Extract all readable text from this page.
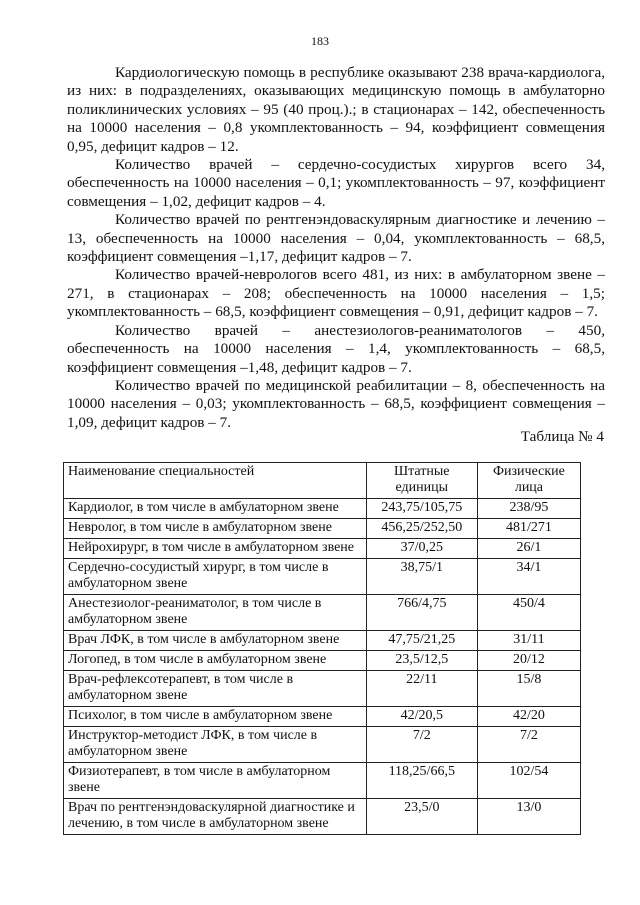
183

Кардиологическую помощь в республике оказывают 238 врача-кардиолога, из них: в подразделениях, оказывающих медицинскую помощь в амбулаторно поликлинических условиях – 95 (40 проц.).; в стационарах – 142, обеспеченность на 10000 населения – 0,8 укомплектованность – 94, коэффициент совмещения 0,95, дефицит кадров – 12.

Количество врачей – сердечно-сосудистых хирургов всего 34, обеспеченность на 10000 населения – 0,1; укомплектованность – 97, коэффициент совмещения – 1,02, дефицит кадров – 4.

Количество врачей по рентгенэндоваскулярным диагностике и лечению – 13, обеспеченность на 10000 населения – 0,04, укомплектованность – 68,5, коэффициент совмещения –1,17, дефицит кадров – 7.

Количество врачей-неврологов всего 481, из них: в амбулаторном звене – 271, в стационарах – 208; обеспеченность на 10000 населения – 1,5; укомплектованность – 68,5, коэффициент совмещения – 0,91, дефицит кадров – 7.

Количество врачей – анестезиологов-реаниматологов – 450, обеспеченность на 10000 населения – 1,4, укомплектованность – 68,5, коэффициент совмещения –1,48, дефицит кадров – 7.

Количество врачей по медицинской реабилитации – 8, обеспеченность на 10000 населения – 0,03; укомплектованность – 68,5, коэффициент совмещения – 1,09, дефицит кадров – 7.

Таблица № 4
Наименование специальностей	Штатные единицы	Физические лица
Кардиолог, в том числе в амбулаторном звене	243,75/105,75	238/95
Невролог, в том числе в амбулаторном звене	456,25/252,50	481/271
Нейрохирург, в том числе в амбулаторном звене	37/0,25	26/1
Сердечно-сосудистый хирург, в том числе в амбулаторном звене	38,75/1	34/1
Анестезиолог-реаниматолог, в том числе в амбулаторном звене	766/4,75	450/4
Врач ЛФК, в том числе в амбулаторном звене	47,75/21,25	31/11
Логопед, в том числе в амбулаторном звене	23,5/12,5	20/12
Врач-рефлексотерапевт, в том числе в амбулаторном звене	22/11	15/8
Психолог, в том числе в амбулаторном звене	42/20,5	42/20
Инструктор-методист ЛФК, в том числе в амбулаторном звене	7/2	7/2
Физиотерапевт, в том числе в амбулаторном звене	118,25/66,5	102/54
Врач по рентгенэндоваскулярной диагностике и лечению, в том числе в амбулаторном звене	23,5/0	13/0
